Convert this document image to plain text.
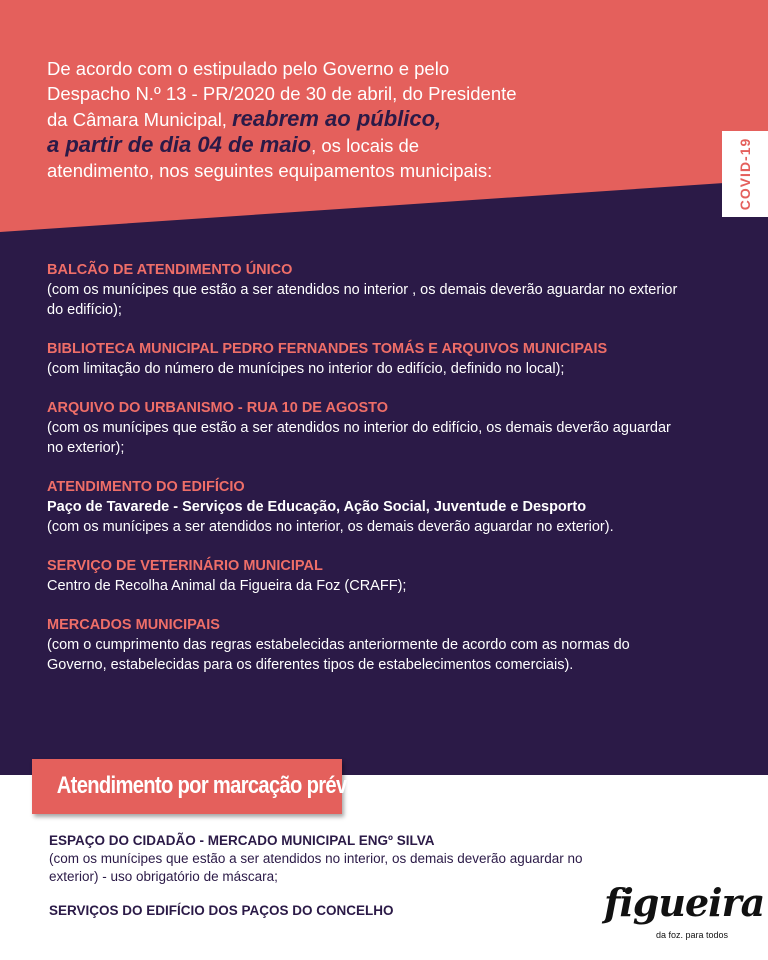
De acordo com o estipulado pelo Governo e pelo
Despacho N.º 13 - PR/2020 de 30 de abril, do Presidente
da Câmara Municipal, reabrem ao público,
a partir de dia 04 de maio, os locais de
atendimento, nos seguintes equipamentos municipais:	COVID-19
BALCÃO DE ATENDIMENTO ÚNICO
(com os munícipes que estão a ser atendidos no interior , os demais deverão aguardar no exterior do edifício);
BIBLIOTECA MUNICIPAL PEDRO FERNANDES TOMÁS E ARQUIVOS MUNICIPAIS
(com limitação do número de munícipes no interior do edifício, definido no local);
ARQUIVO DO URBANISMO - RUA 10 DE AGOSTO
(com os munícipes que estão a ser atendidos no interior do edifício, os demais deverão aguardar no exterior);
ATENDIMENTO DO EDIFÍCIO
Paço de Tavarede - Serviços de Educação, Ação Social, Juventude e Desporto
(com os munícipes a ser atendidos no interior, os demais deverão aguardar no exterior).
SERVIÇO DE VETERINÁRIO MUNICIPAL
Centro de Recolha Animal da Figueira da Foz (CRAFF);
MERCADOS MUNICIPAIS
(com o cumprimento das regras estabelecidas anteriormente de acordo com as normas do Governo, estabelecidas para os diferentes tipos de estabelecimentos comerciais).
Atendimento por marcação prévia
ESPAÇO DO CIDADÃO - MERCADO MUNICIPAL ENGº SILVA
(com os munícipes que estão a ser atendidos no interior, os demais deverão aguardar no exterior) - uso obrigatório de máscara;
SERVIÇOS DO EDIFÍCIO DOS PAÇOS DO CONCELHO	figueira
da foz. para todos
